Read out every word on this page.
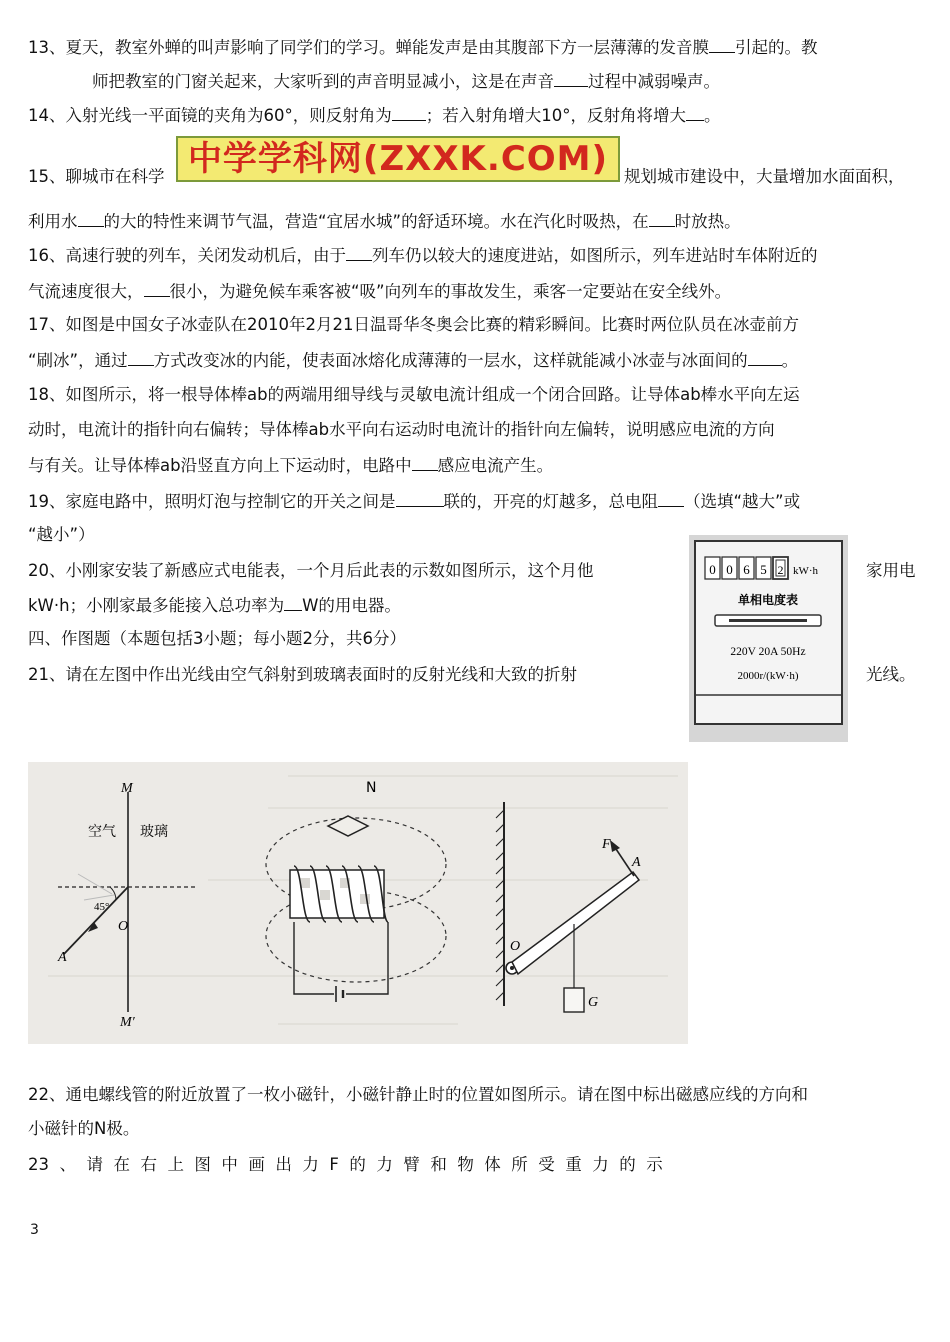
13、夏天，教室外蝉的叫声影响了同学们的学习。蝉能发声是由其腹部下方一层薄薄的发音膜 引起的。教
师把教室的门窗关起来，大家听到的声音明显减小，这是在声音 过程中减弱噪声。
14、入射光线一平面镜的夹角为60°，则反射角为 ；若入射角增大10°，反射角将增大 。
15、聊城市在科学 中学学科网(ZXXK.COM) 规划城市建设中，大量增加水面面积，
利用水 的大的特性来调节气温，营造“宜居水城”的舒适环境。水在汽化时吸热，在 时放热。
16、高速行驶的列车，关闭发动机后，由于 列车仍以较大的速度进站，如图所示，列车进站时车体附近的
气流速度很大， 很小，为避免候车乘客被“吸”向列车的事故发生，乘客一定要站在安全线外。
17、如图是中国女子冰壶队在2010年2月21日温哥华冬奥会比赛的精彩瞬间。比赛时两位队员在冰壶前方
“刷冰”，通过 方式改变冰的内能，使表面冰熔化成薄薄的一层水，这样就能减小冰壶与冰面间的 。
18、如图所示，将一根导体棒ab的两端用细导线与灵敏电流计组成一个闭合回路。让导体ab棒水平向左运
动时，电流计的指针向右偏转；导体棒ab水平向右运动时电流计的指针向左偏转，说明感应电流的方向
与有关。让导体棒ab沿竖直方向上下运动时，电路中 感应电流产生。
19、家庭电路中，照明灯泡与控制它的开关之间是	联的，开亮的灯越多，总电阻 （选填“越大”或
“越小”）
20、小刚家安装了新感应式电能表，一个月后此表的示数如图所示，这个月他	家用电
kW·h；小刚家最多能接入总功率为 W的用电器。
四、作图题（本题包括3小题；每小题2分，共6分）
21、请在左图中作出光线由空气斜射到玻璃表面时的反射光线和大致的折射	光线。
0 0 6 5 2 kW·h
单相电度表
220V 20A 50Hz
2000r/(kW·h)
M
M′
空气 玻璃
45°
O
A
N
F
A
O
G
22、通电螺线管的附近放置了一枚小磁针，小磁针静止时的位置如图所示。请在图中标出磁感应线的方向和
小磁针的N极。
23  、  请  在  右  上  图  中  画  出  力  F  的  力  臂  和  物  体  所  受  重  力  的  示
3
